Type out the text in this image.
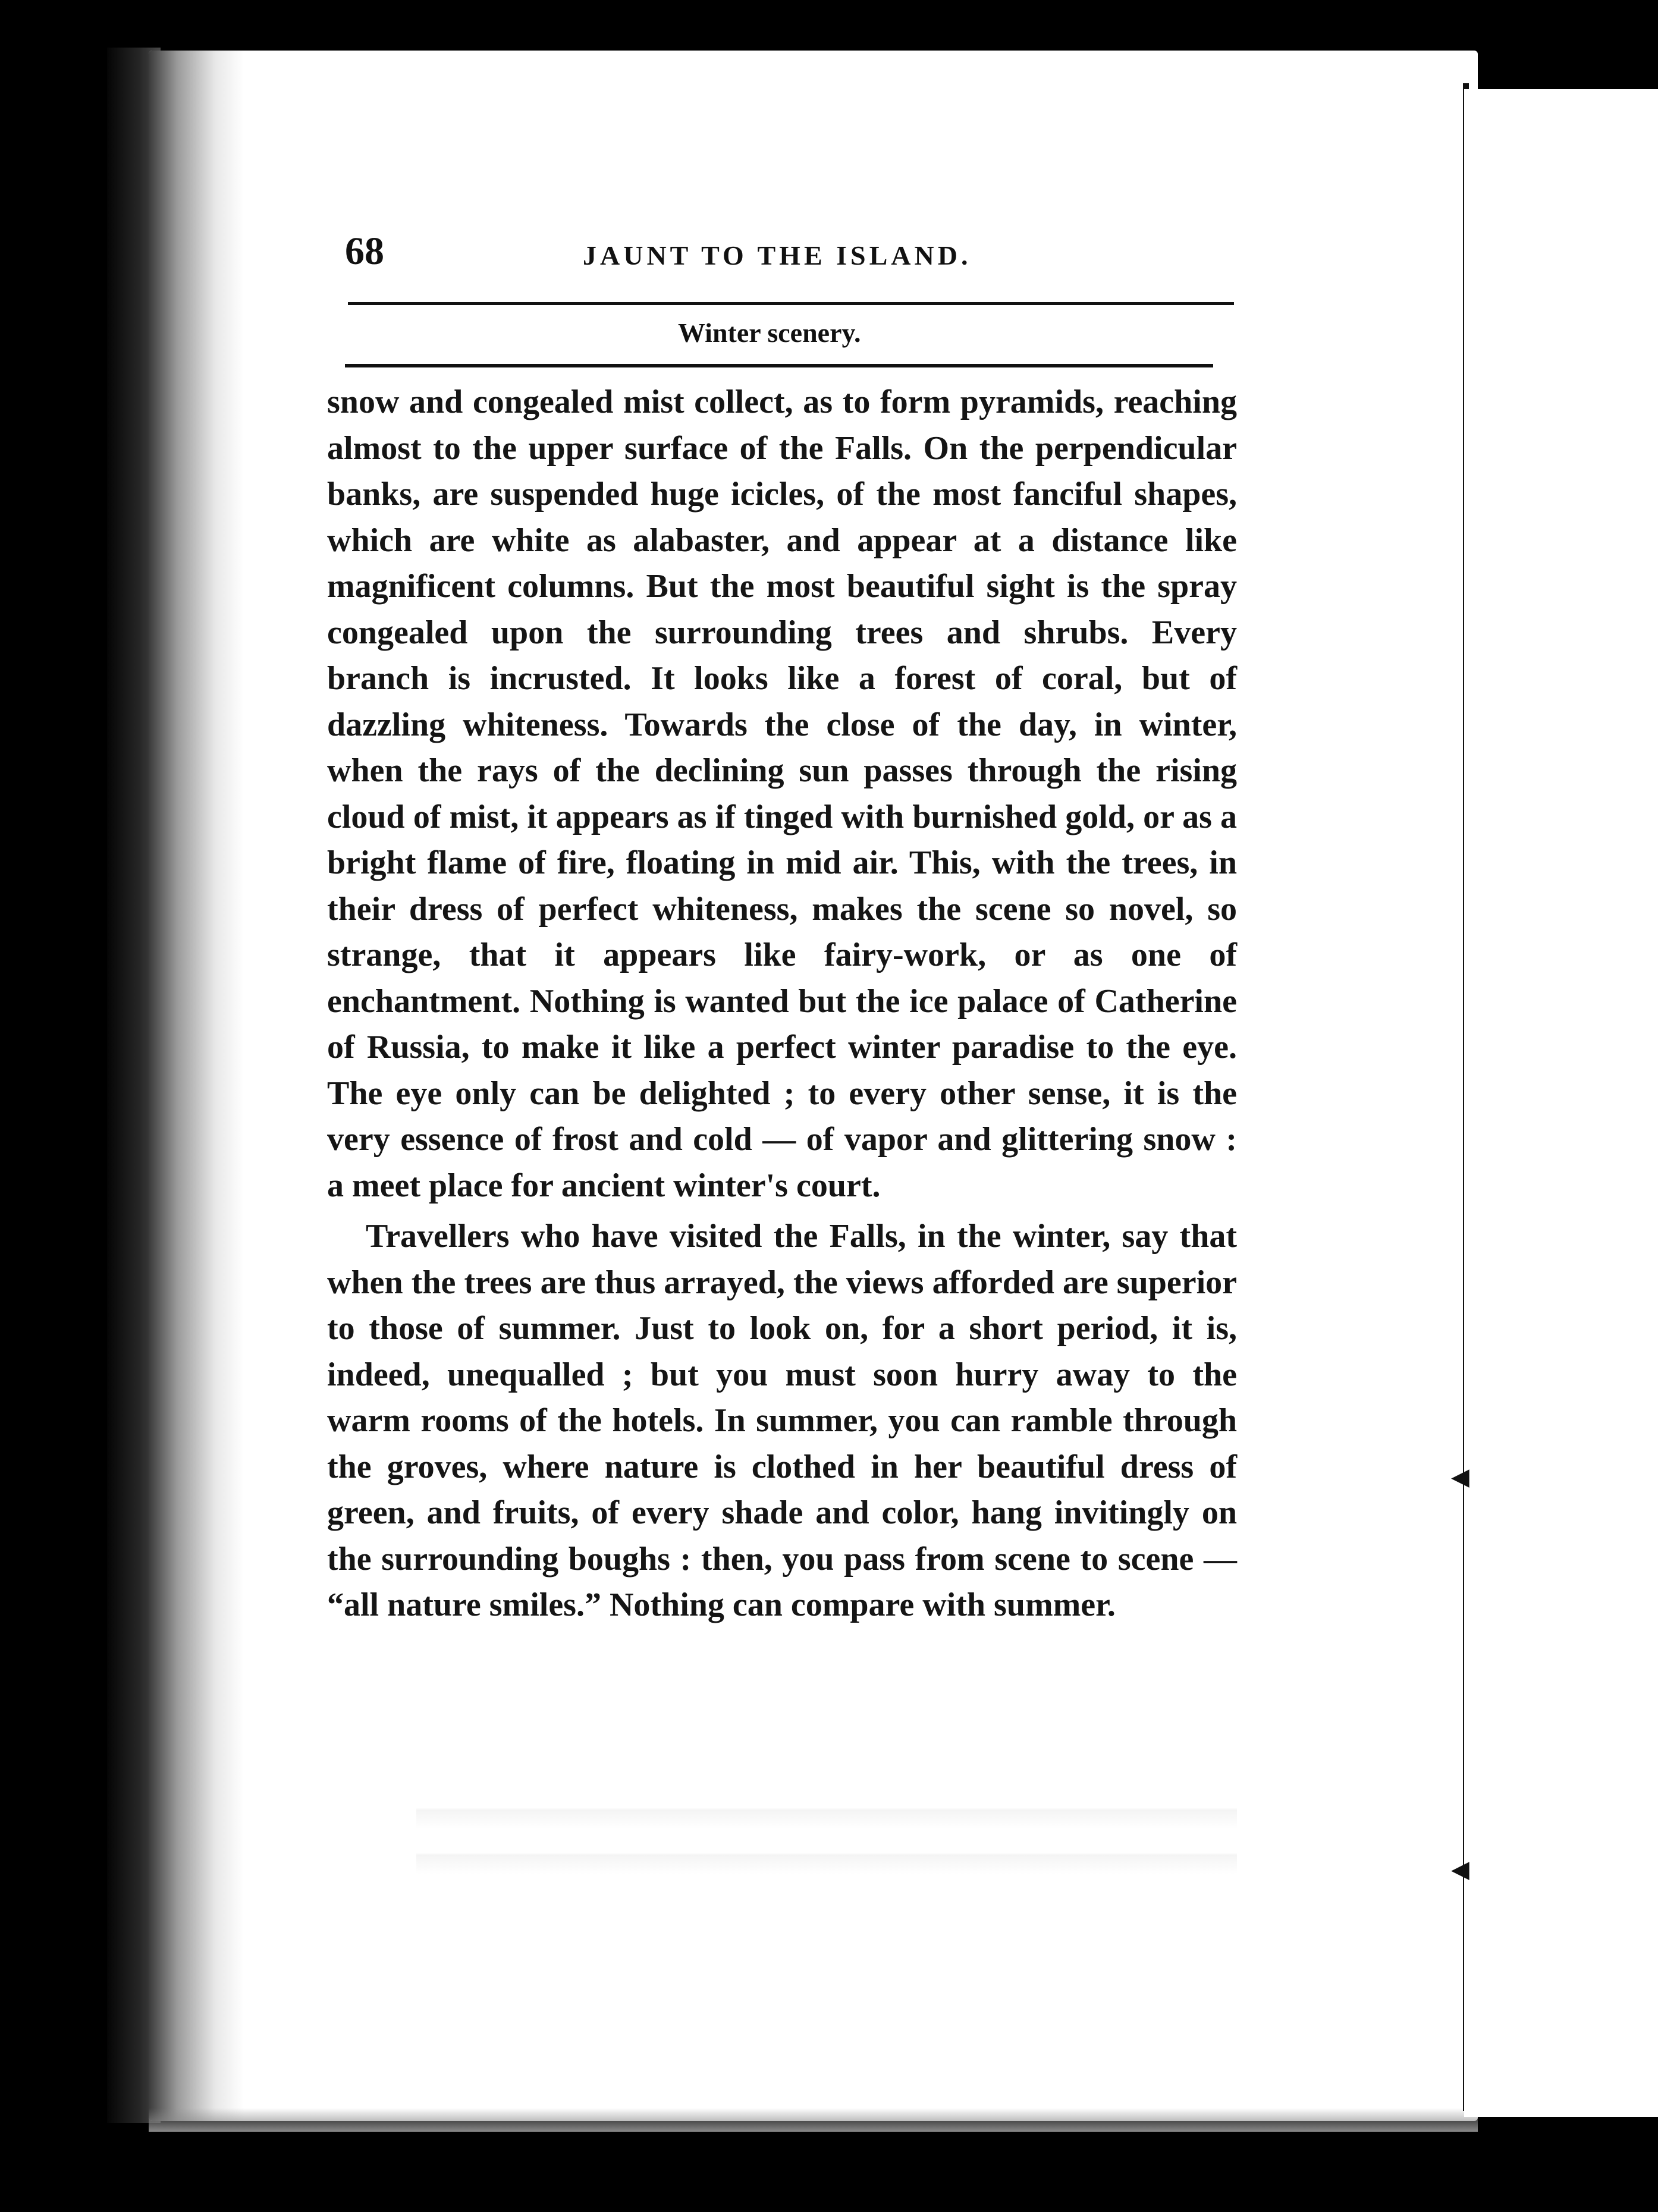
◀
◀
68	JAUNT TO THE ISLAND.
Winter scenery.

snow and congealed mist collect, as to form pyramids, reaching almost to the upper surface of the Falls. On the perpendicular banks, are suspended huge icicles, of the most fanciful shapes, which are white as alabaster, and appear at a distance like magnificent columns. But the most beautiful sight is the spray congealed upon the surrounding trees and shrubs. Every branch is incrusted. It looks like a forest of coral, but of dazzling whiteness. Towards the close of the day, in winter, when the rays of the declining sun passes through the rising cloud of mist, it appears as if tinged with burnished gold, or as a bright flame of fire, floating in mid air. This, with the trees, in their dress of perfect whiteness, makes the scene so novel, so strange, that it appears like fairy-work, or as one of enchantment. Nothing is wanted but the ice palace of Catherine of Russia, to make it like a perfect winter paradise to the eye. The eye only can be delighted ; to every other sense, it is the very essence of frost and cold — of vapor and glittering snow : a meet place for ancient winter's court.

Travellers who have visited the Falls, in the winter, say that when the trees are thus arrayed, the views afforded are superior to those of summer. Just to look on, for a short period, it is, indeed, unequalled ; but you must soon hurry away to the warm rooms of the hotels. In summer, you can ramble through the groves, where nature is clothed in her beautiful dress of green, and fruits, of every shade and color, hang invitingly on the surrounding boughs : then, you pass from scene to scene — “all nature smiles.” Nothing can compare with summer.
